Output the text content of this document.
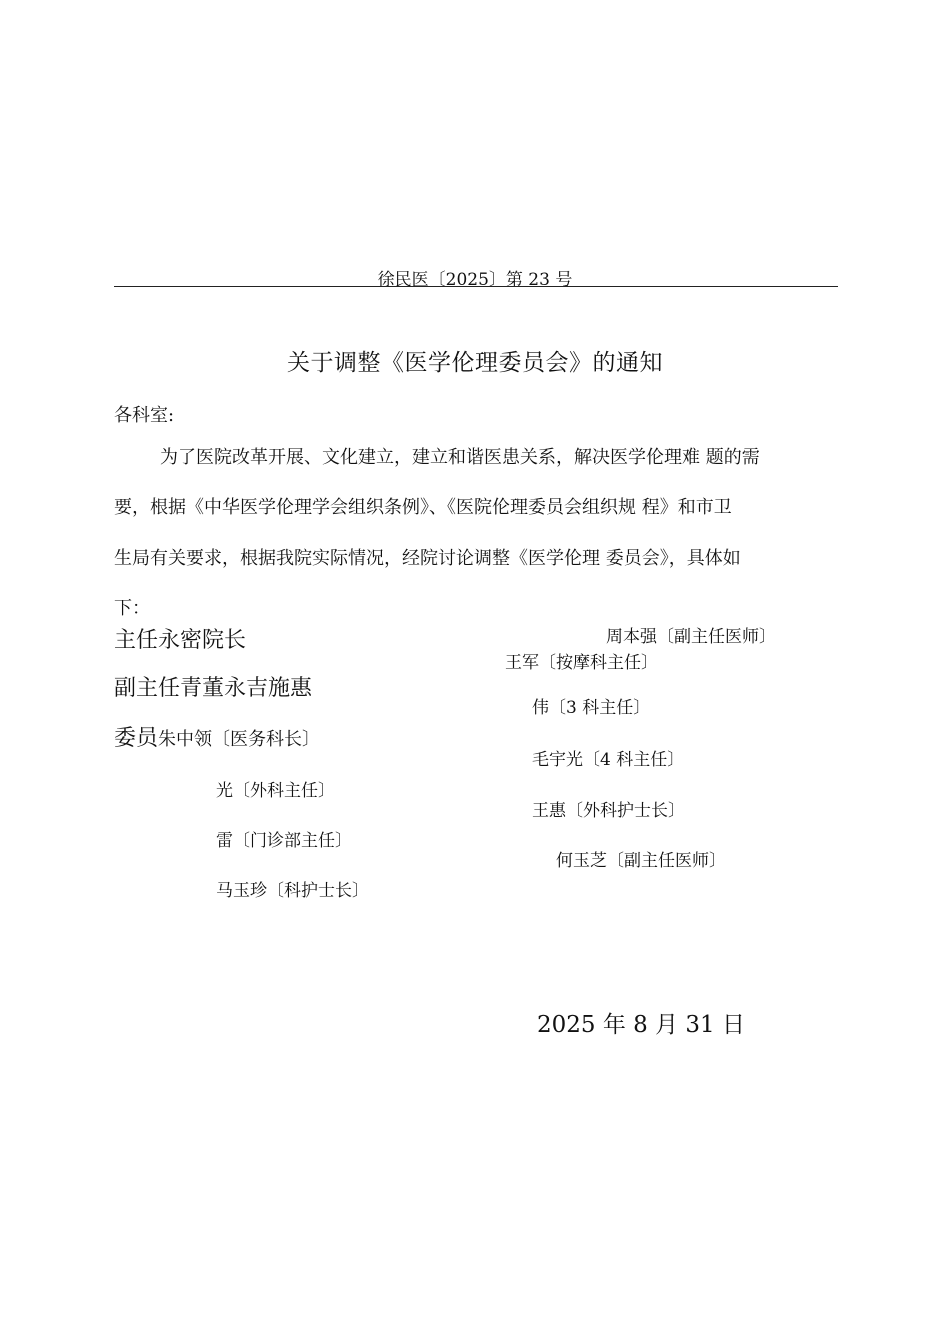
徐民医〔2025〕第 23 号
关于调整《医学伦理委员会》的通知
各科室:
为了医院改革开展、文化建立，建立和谐医患关系，解决医学伦理难 题的需
要，根据《中华医学伦理学会组织条例》、《医院伦理委员会组织规 程》和市卫
生局有关要求，根据我院实际情况，经院讨论调整《医学伦理 委员会》，具体如
下：
主任永密院长
副主任青董永吉施惠
委员朱中领〔医务科长〕
光〔外科主任〕
雷〔门诊部主任〕
马玉珍〔科护士长〕
周本强〔副主任医师〕
王军〔按摩科主任〕
伟〔3 科主任〕
毛宇光〔4 科主任〕
王惠〔外科护士长〕
何玉芝〔副主任医师〕
2025 年 8 月 31 日
